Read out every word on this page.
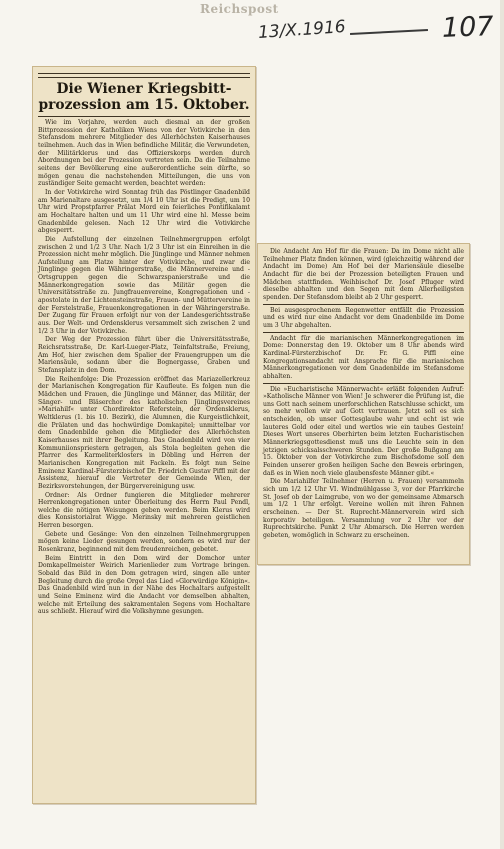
Reichspost
13/X.1916	107
Die Wiener Kriegsbitt-
prozession am 15. Oktober.

Wie im Vorjahre, werden auch diesmal an der großen Bittprozession der Katholiken Wiens von der Votivkirche in den Stefansdom mehrere Mitglieder des Allerhöchsten Kaiserhauses teilnehmen. Auch das in Wien befindliche Militär, die Verwundeten, der Militärklerus und das Offizierskorps werden durch Abordnungen bei der Prozession vertreten sein. Da die Teilnahme seitens der Bevölkerung eine außerordentliche sein dürfte, so mögen genau die nachstehenden Mitteilungen, die uns von zuständiger Seite gemacht werden, beachtet werden:

In der Votivkirche wird Sonntag früh das Pöstlinger Gnadenbild am Marienaltare ausgesetzt, um 1/4 10 Uhr ist die Predigt, um 10 Uhr wird Propstpfarrer Prälat Mord ein feierliches Pontifikalamt am Hochaltare halten und um 11 Uhr wird eine hl. Messe beim Gnadenbilde gelesen. Nach 12 Uhr wird die Votivkirche abgesperrt.

Die Aufstellung der einzelnen Teilnehmergruppen erfolgt zwischen 2 und 1/2 3 Uhr. Nach 1/2 3 Uhr ist ein Einreihen in die Prozession nicht mehr möglich. Die Jünglinge und Männer nehmen Aufstellung am Platze hinter der Votivkirche, und zwar die Jünglinge gegen die Währingerstraße, die Männervereine und -Ortsgruppen gegen die Schwarzspanierstraße und die Männerkongregation sowie das Militär gegen die Universitätsstraße zu. Jungfrauenvereine, Kongregationen und -apostolate in der Lichtensteinstraße, Frauen- und Müttervereine in der Ferstelstraße, Frauenkongregationen in der Währingerstraße. Der Zugang für Frauen erfolgt nur von der Landesgerichtsstraße aus. Der Welt- und Ordensklerus versammelt sich zwischen 2 und 1/2 3 Uhr in der Votivkirche.

Der Weg der Prozession führt über die Universitätsstraße, Reichsratsstraße, Dr. Karl-Lueger-Platz, Teinfaltstraße, Freiung, Am Hof, hier zwischen dem Spalier der Frauengruppen um die Mariensäule, sodann über die Bognergasse, Graben und Stefansplatz in den Dom.

Die Reihenfolge: Die Prozession eröffnet das Mariazellerkreuz der Marianischen Kongregation für Kaufleute. Es folgen nun die Mädchen und Frauen, die Jünglinge und Männer, das Militär, der Sänger- und Bläserchor des katholischen Jünglingsvereines »Mariahilf« unter Chordirektor Referstein, der Ordensklerus, Weltklerus (1. bis 10. Bezirk), die Alumnen, die Kurgeistlichkeit, die Prälaten und das hochwürdige Domkapitel; unmittelbar vor dem Gnadenbilde gehen die Mitglieder des Allerhöchsten Kaiserhauses mit ihrer Begleitung. Das Gnadenbild wird von vier Kommuniionspriestern getragen, als Stola begleiten gehen die Pfarrer des Karmeliterklosters in Döbling und Herren der Marianischen Kongregation mit Fackeln. Es folgt nun Seine Eminenz Kardinal-Fürsterzbischof Dr. Friedrich Gustav Piffl mit der Assistenz, hierauf die Vertreter der Gemeinde Wien, der Bezirksvorstehungen, der Bürgervereinigung usw.

Ordner: Als Ordner fungieren die Mitglieder mehrerer Herrenkongregationen unter Oberleitung des Herrn Paul Pendl, welche die nötigen Weisungen geben werden. Beim Klerus wird dies Konsistorialrat Wigge. Merinsky mit mehreren geistlichen Herren besorgen.

Gebete und Gesänge: Von den einzelnen Teilnehmergruppen mögen keine Lieder gesungen werden, sondern es wird nur der Rosenkranz, beginnend mit dem freudenreichen, gebetet.

Beim Eintritt in den Dom wird der Domchor unter Domkapellmeister Weirich Marienlieder zum Vortrage bringen. Sobald das Bild in den Dom getragen wird, singen alle unter Begleitung durch die große Orgel das Lied »Glorwürdige Königin«. Das Gnadenbild wird nun in der Nähe des Hochaltars aufgestellt und Seine Eminenz wird die Andacht vor demselben abhalten, welche mit Erteilung des sakramentalen Segens vom Hochaltare aus schließt. Hierauf wird die Volkshymne gesungen.

Die Andacht Am Hof für die Frauen: Da im Dome nicht alle Teilnehmer Platz finden können, wird (gleichzeitig während der Andacht im Dome) Am Hof bei der Mariensäule dieselbe Andacht für die bei der Prozession beteiligten Frauen und Mädchen stattfinden. Weihbischof Dr. Josef Pfluger wird dieselbe abhalten und den Segen mit dem Allerheiligsten spenden. Der Stefansdom bleibt ab 2 Uhr gesperrt.

Bei ausgesprochenem Regenwetter entfällt die Prozession und es wird nur eine Andacht vor dem Gnadenbilde im Dome um 3 Uhr abgehalten.

Andacht für die marianischen Männerkongregationen im Dome: Donnerstag den 19. Oktober um 8 Uhr abends wird Kardinal-Fürsterzbischof Dr. Fr. G. Piffl eine Kongregationsandacht mit Ansprache für die marianischen Männerkongregationen vor dem Gnadenbilde im Stefansdome abhalten.

Die »Eucharistische Männerwacht« erläßt folgenden Aufruf: »Katholische Männer von Wien! Je schwerer die Prüfung ist, die uns Gott nach seinem unerforschlichen Ratschlusse schickt, um so mehr wollen wir auf Gott vertrauen. Jetzt soll es sich entscheiden, ob unser Gottesglaube wahr und echt ist wie lauteres Gold oder eitel und wertlos wie ein taubes Gestein! Dieses Wort unseres Oberhirten beim letzten Eucharistischen Männerkriegsgottesdienst muß uns die Leuchte sein in den jetzigen schicksalsschweren Stunden. Der große Bußgang am 15. Oktober von der Votivkirche zum Bischofsdome soll den Feinden unserer großen heiligen Sache den Beweis erbringen, daß es in Wien noch viele glaubensfeste Männer gibt.«

Die Mariahilfer Teilnehmer (Herren u. Frauen) versammeln sich um 1/2 12 Uhr VI. Windmühlgasse 3, vor der Pfarrkirche St. Josef ob der Laimgrube, von wo der gemeinsame Abmarsch um 1/2 1 Uhr erfolgt. Vereine wollen mit ihren Fahnen erscheinen. — Der St. Ruprecht-Männerverein wird sich korporativ beteiligen. Versammlung vor 2 Uhr vor der Ruprechtskirche. Punkt 2 Uhr Abmarsch. Die Herren werden gebeten, womöglich in Schwarz zu erscheinen.
